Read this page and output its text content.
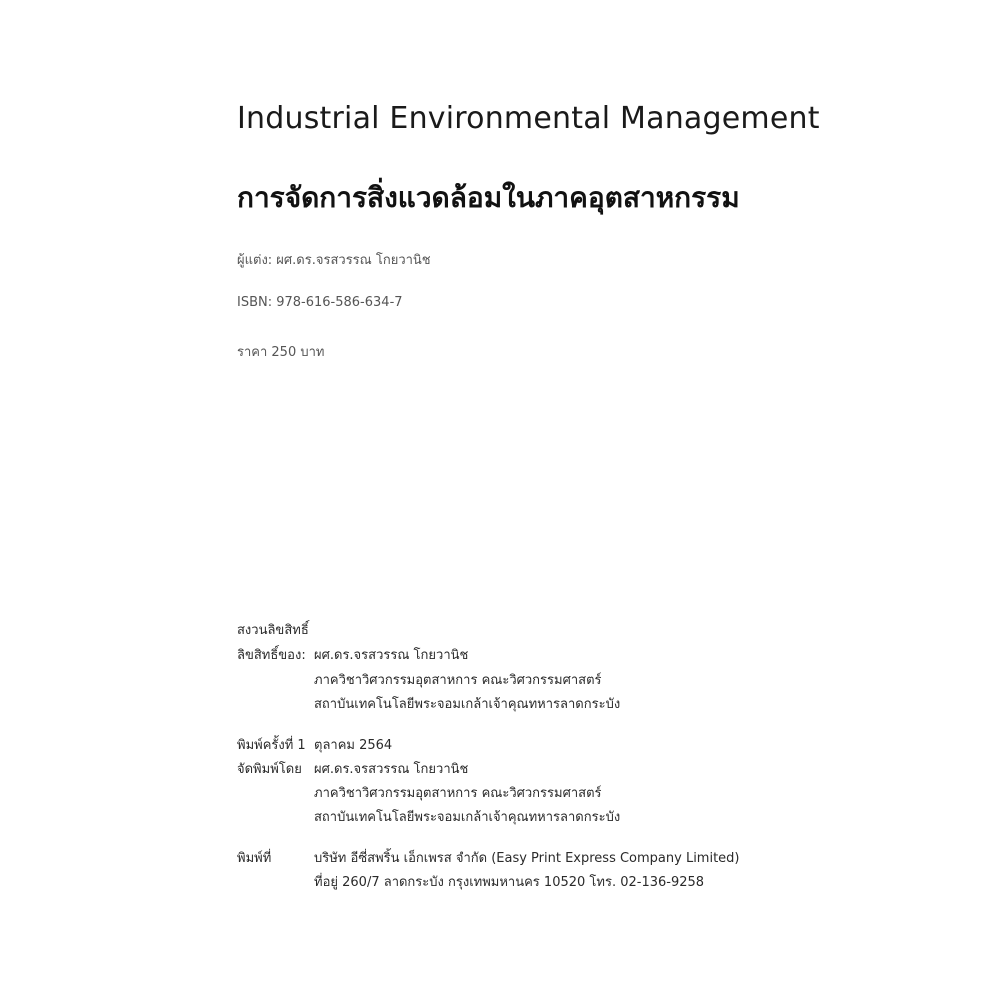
Industrial Environmental Management
การจัดการสิ่งแวดล้อมในภาคอุตสาหกรรม
ผู้แต่ง: ผศ.ดร.จรสวรรณ โกยวานิช
ISBN: 978-616-586-634-7
ราคา 250 บาท
สงวนลิขสิทธิ์
ลิขสิทธิ์ของ: ผศ.ดร.จรสวรรณ โกยวานิช
ภาควิชาวิศวกรรมอุตสาหการ คณะวิศวกรรมศาสตร์
สถาบันเทคโนโลยีพระจอมเกล้าเจ้าคุณทหารลาดกระบัง
พิมพ์ครั้งที่ 1 ตุลาคม 2564
จัดพิมพ์โดย ผศ.ดร.จรสวรรณ โกยวานิช
ภาควิชาวิศวกรรมอุตสาหการ คณะวิศวกรรมศาสตร์
สถาบันเทคโนโลยีพระจอมเกล้าเจ้าคุณทหารลาดกระบัง
พิมพ์ที่	บริษัท อีซี่สพริ้น เอ็กเพรส จำกัด (Easy Print Express Company Limited)
ที่อยู่ 260/7 ลาดกระบัง กรุงเทพมหานคร 10520 โทร. 02-136-9258
